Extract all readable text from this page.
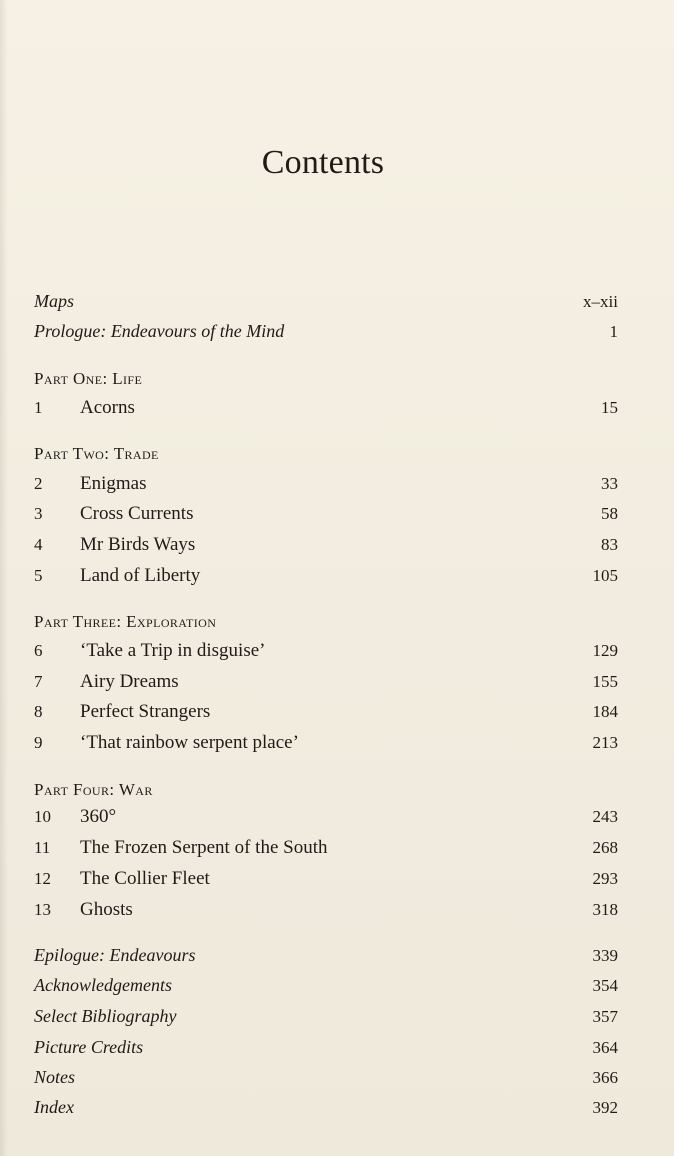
Contents
Maps	x–xii
Prologue: Endeavours of the Mind	1
Part One: Life
1	Acorns	15
Part Two: Trade
2	Enigmas	33
3	Cross Currents	58
4	Mr Birds Ways	83
5	Land of Liberty	105
Part Three: Exploration
6	‘Take a Trip in disguise’	129
7	Airy Dreams	155
8	Perfect Strangers	184
9	‘That rainbow serpent place’	213
Part Four: War
10	360°	243
11	The Frozen Serpent of the South	268
12	The Collier Fleet	293
13	Ghosts	318
Epilogue: Endeavours	339
Acknowledgements	354
Select Bibliography	357
Picture Credits	364
Notes	366
Index	392
